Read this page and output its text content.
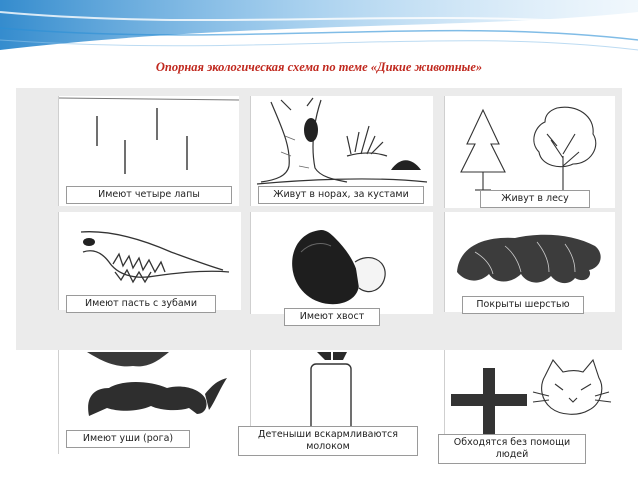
Опорная экологическая схема по теме «Дикие животные»
Имеют четыре лапы	Живут в норах, за кустами	Живут в лесу
Имеют пасть с зубами
Имеют хвост
Покрыты шерстью
Имеют уши (рога)	Детеныши вскармливаются молоком	Обходятся без помощи людей
